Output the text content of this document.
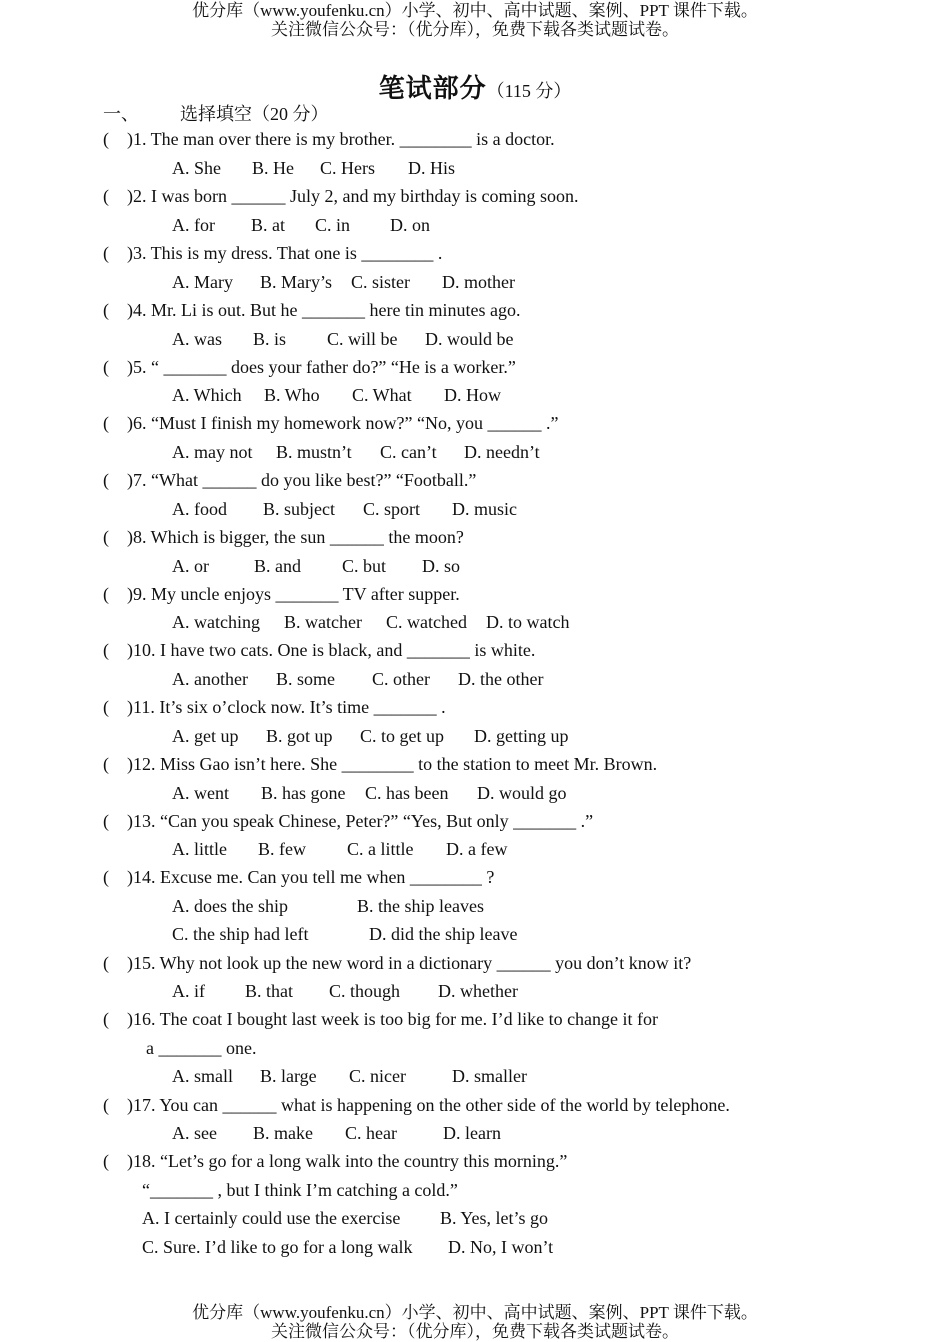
优分库（www.youfenku.cn）小学、初中、高中试题、案例、PPT 课件下载。
关注微信公众号：（优分库），免费下载各类试题试卷。
笔试部分（115 分）
一、 选择填空（20 分）
( )1. The man over there is my brother. ________ is a doctor.
A. She B. He C. Hers D. His
( )2. I was born ______ July 2, and my birthday is coming soon.
A. for B. at C. in D. on
( )3. This is my dress. That one is ________ .
A. Mary B. Mary’s C. sister D. mother
( )4. Mr. Li is out. But he _______ here tin minutes ago.
A. was B. is C. will be D. would be
( )5. “ _______ does your father do?” “He is a worker.”
A. Which B. Who C. What D. How
( )6. “Must I finish my homework now?” “No, you ______ .”
A. may not B. mustn’t C. can’t D. needn’t
( )7. “What ______ do you like best?” “Football.”
A. food B. subject C. sport D. music
( )8. Which is bigger, the sun ______ the moon?
A. or	B. and C. but D. so
( )9. My uncle enjoys _______ TV after supper.
A. watching B. watcher C. watched D. to watch
( )10. I have two cats. One is black, and _______ is white.
A. another B. some C. other D. the other
( )11. It’s six o’clock now. It’s time _______ .
A. get up B. got up C. to get up D. getting up
( )12. Miss Gao isn’t here. She ________ to the station to meet Mr. Brown.
A. went B. has gone C. has been D. would go
( )13. “Can you speak Chinese, Peter?” “Yes, But only _______ .”
A. little B. few C. a little D. a few
( )14. Excuse me. Can you tell me when ________ ?
A. does the ship	B. the ship leaves
C. the ship had left	D. did the ship leave
( )15. Why not look up the new word in a dictionary ______ you don’t know it?
A. if B. that C. though D. whether
( )16. The coat I bought last week is too big for me. I’d like to change it for
a _______ one.
A. small B. large C. nicer	D. smaller
( )17. You can ______ what is happening on the other side of the world by telephone.
A. see B. make C. hear	D. learn
( )18. “Let’s go for a long walk into the country this morning.”
“_______ , but I think I’m catching a cold.”
A. I certainly could use the exercise B. Yes, let’s go
C. Sure. I’d like to go for a long walk D. No, I won’t
优分库（www.youfenku.cn）小学、初中、高中试题、案例、PPT 课件下载。
关注微信公众号：（优分库），免费下载各类试题试卷。
